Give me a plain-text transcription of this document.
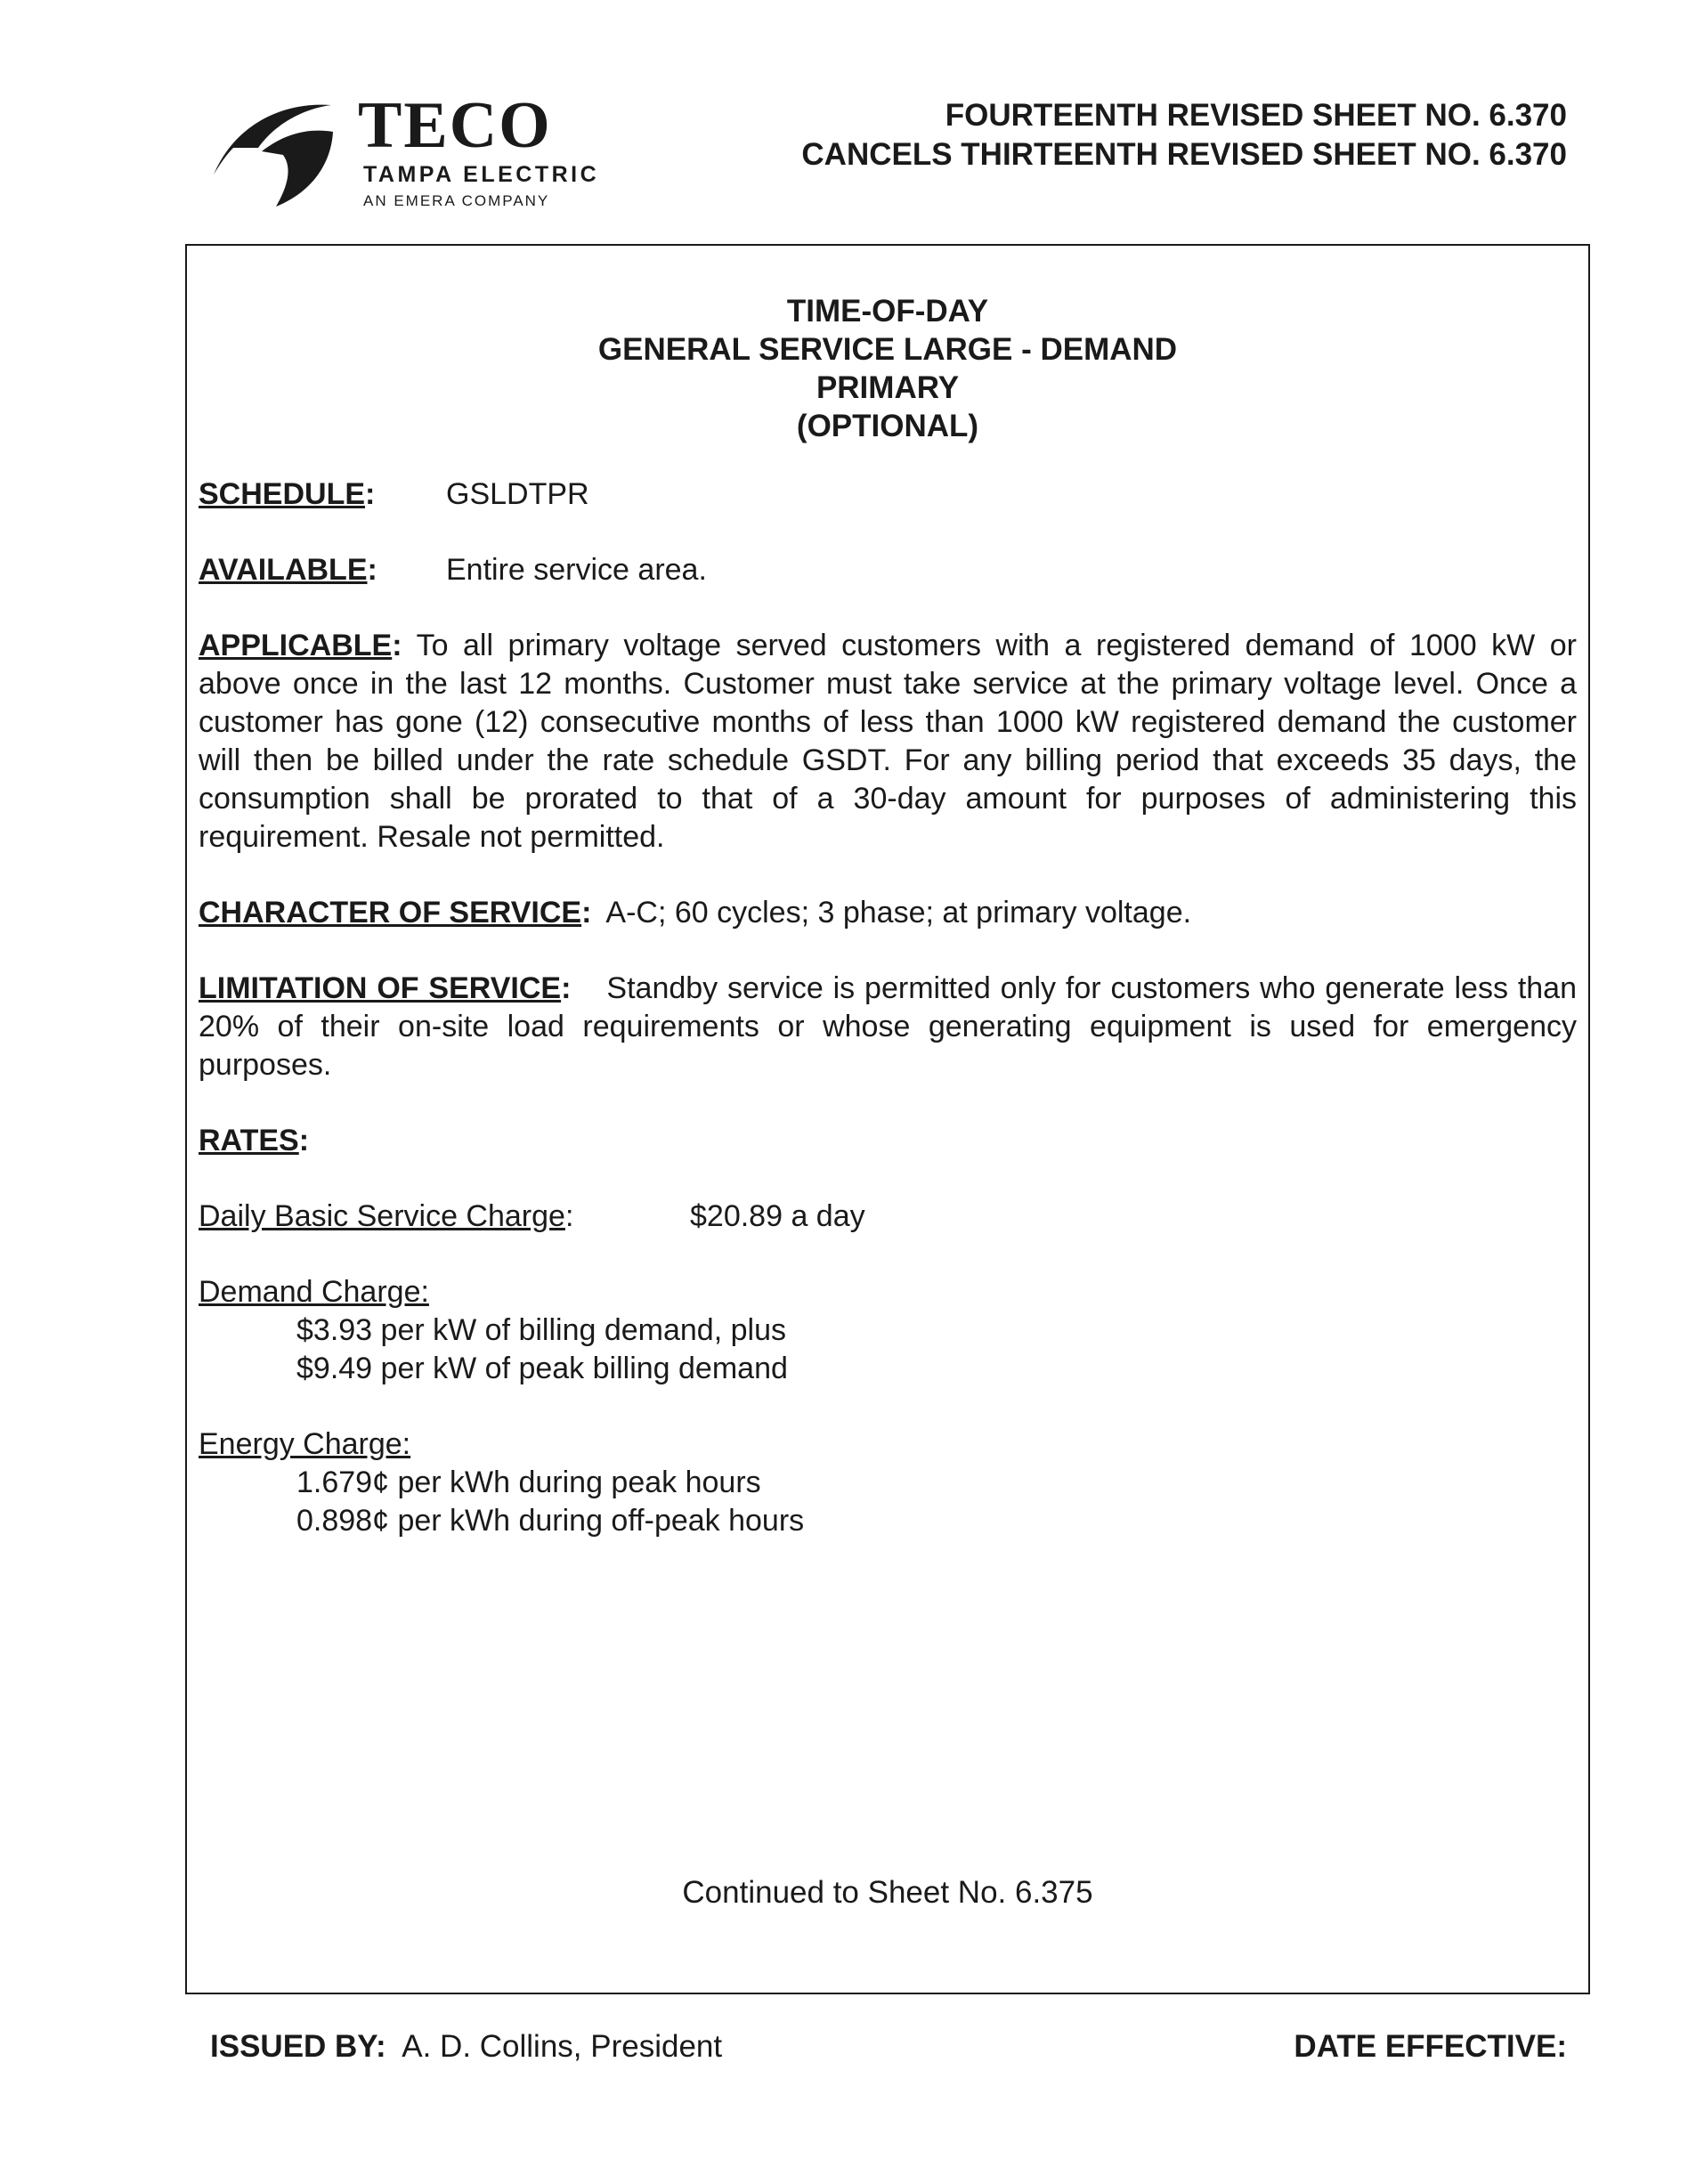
TECO
TAMPA ELECTRIC
AN EMERA COMPANY
FOURTEENTH REVISED SHEET NO. 6.370
CANCELS THIRTEENTH REVISED SHEET NO. 6.370
TIME-OF-DAY
GENERAL SERVICE LARGE - DEMAND
PRIMARY
(OPTIONAL)
SCHEDULE: GSLDTPR
AVAILABLE: Entire service area.
APPLICABLE: To all primary voltage served customers with a registered demand of 1000 kW or above once in the last 12 months. Customer must take service at the primary voltage level. Once a customer has gone (12) consecutive months of less than 1000 kW registered demand the customer will then be billed under the rate schedule GSDT. For any billing period that exceeds 35 days, the consumption shall be prorated to that of a 30-day amount for purposes of administering this requirement. Resale not permitted.
CHARACTER OF SERVICE: A-C; 60 cycles; 3 phase; at primary voltage.
LIMITATION OF SERVICE: Standby service is permitted only for customers who generate less than 20% of their on-site load requirements or whose generating equipment is used for emergency purposes.
RATES:
Daily Basic Service Charge:	$20.89 a day
Demand Charge:
$3.93 per kW of billing demand, plus
$9.49 per kW of peak billing demand
Energy Charge:
1.679¢ per kWh during peak hours
0.898¢ per kWh during off-peak hours
Continued to Sheet No. 6.375
ISSUED BY: A. D. Collins, President	DATE EFFECTIVE:
